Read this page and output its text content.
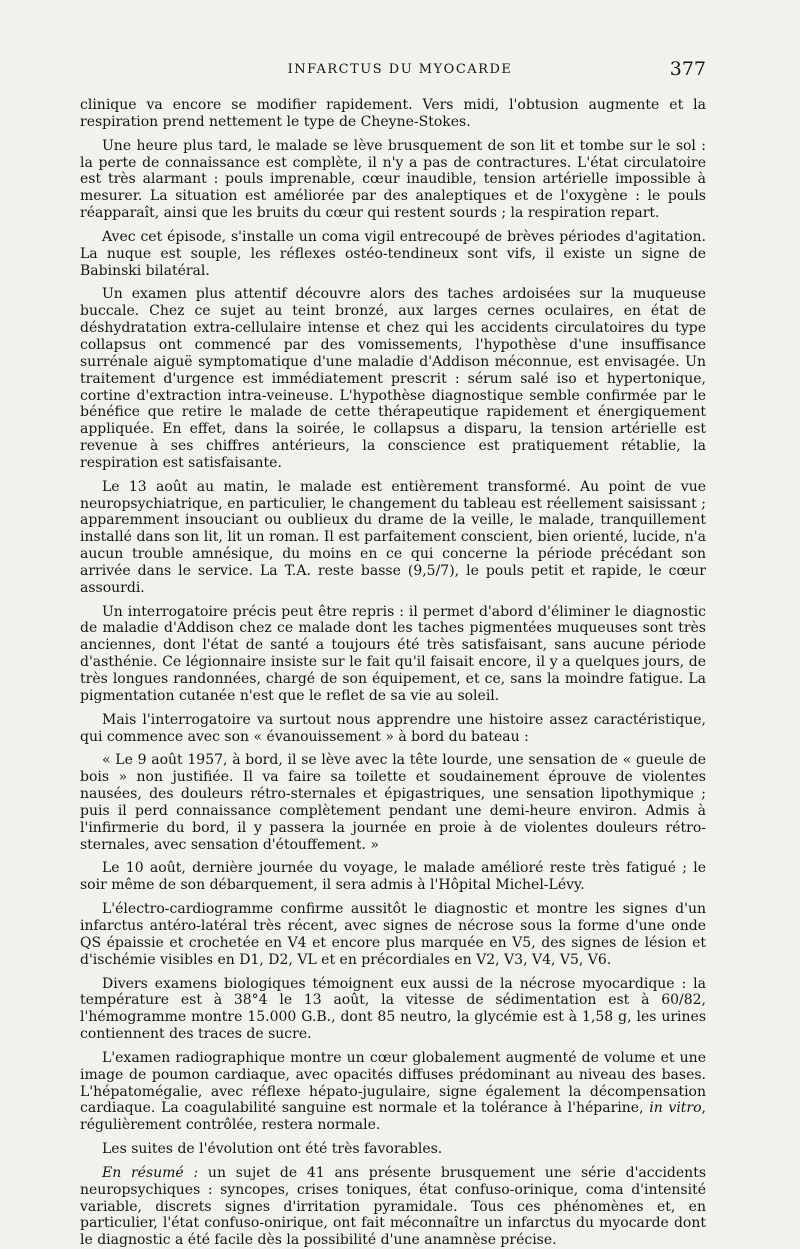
INFARCTUS DU MYOCARDE	377

clinique va encore se modifier rapidement. Vers midi, l'obtusion augmente et la respiration prend nettement le type de Cheyne-Stokes.

Une heure plus tard, le malade se lève brusquement de son lit et tombe sur le sol : la perte de connaissance est complète, il n'y a pas de contractures. L'état circulatoire est très alarmant : pouls imprenable, cœur inaudible, tension artérielle impossible à mesurer. La situation est améliorée par des analeptiques et de l'oxygène : le pouls réapparaît, ainsi que les bruits du cœur qui restent sourds ; la respiration repart.

Avec cet épisode, s'installe un coma vigil entrecoupé de brèves périodes d'agitation. La nuque est souple, les réflexes ostéo-tendineux sont vifs, il existe un signe de Babinski bilatéral.

Un examen plus attentif découvre alors des taches ardoisées sur la muqueuse buccale. Chez ce sujet au teint bronzé, aux larges cernes oculaires, en état de déshydratation extra-cellulaire intense et chez qui les accidents circulatoires du type collapsus ont commencé par des vomissements, l'hypothèse d'une insuffisance surrénale aiguë symptomatique d'une maladie d'Addison méconnue, est envisagée. Un traitement d'urgence est immédiatement prescrit : sérum salé iso et hypertonique, cortine d'extraction intra-veineuse. L'hypothèse diagnostique semble confirmée par le bénéfice que retire le malade de cette thérapeutique rapidement et énergiquement appliquée. En effet, dans la soirée, le collapsus a disparu, la tension artérielle est revenue à ses chiffres antérieurs, la conscience est pratiquement rétablie, la respiration est satisfaisante.

Le 13 août au matin, le malade est entièrement transformé. Au point de vue neuropsychiatrique, en particulier, le changement du tableau est réellement saisissant ; apparemment insouciant ou oublieux du drame de la veille, le malade, tranquillement installé dans son lit, lit un roman. Il est parfaitement conscient, bien orienté, lucide, n'a aucun trouble amnésique, du moins en ce qui concerne la période précédant son arrivée dans le service. La T.A. reste basse (9,5/7), le pouls petit et rapide, le cœur assourdi.

Un interrogatoire précis peut être repris : il permet d'abord d'éliminer le diagnostic de maladie d'Addison chez ce malade dont les taches pigmentées muqueuses sont très anciennes, dont l'état de santé a toujours été très satisfaisant, sans aucune période d'asthénie. Ce légionnaire insiste sur le fait qu'il faisait encore, il y a quelques jours, de très longues randonnées, chargé de son équipement, et ce, sans la moindre fatigue. La pigmentation cutanée n'est que le reflet de sa vie au soleil.

Mais l'interrogatoire va surtout nous apprendre une histoire assez caractéristique, qui commence avec son « évanouissement » à bord du bateau :

« Le 9 août 1957, à bord, il se lève avec la tête lourde, une sensation de « gueule de bois » non justifiée. Il va faire sa toilette et soudainement éprouve de violentes nausées, des douleurs rétro-sternales et épigastriques, une sensation lipothymique ; puis il perd connaissance complètement pendant une demi-heure environ. Admis à l'infirmerie du bord, il y passera la journée en proie à de violentes douleurs rétro-sternales, avec sensation d'étouffement. »

Le 10 août, dernière journée du voyage, le malade amélioré reste très fatigué ; le soir même de son débarquement, il sera admis à l'Hôpital Michel-Lévy.

L'électro-cardiogramme confirme aussitôt le diagnostic et montre les signes d'un infarctus antéro-latéral très récent, avec signes de nécrose sous la forme d'une onde QS épaissie et crochetée en V4 et encore plus marquée en V5, des signes de lésion et d'ischémie visibles en D1, D2, VL et en précordiales en V2, V3, V4, V5, V6.

Divers examens biologiques témoignent eux aussi de la nécrose myocardique : la température est à 38°4 le 13 août, la vitesse de sédimentation est à 60/82, l'hémogramme montre 15.000 G.B., dont 85 neutro, la glycémie est à 1,58 g, les urines contiennent des traces de sucre.

L'examen radiographique montre un cœur globalement augmenté de volume et une image de poumon cardiaque, avec opacités diffuses prédominant au niveau des bases. L'hépatomégalie, avec réflexe hépato-jugulaire, signe également la décompensation cardiaque. La coagulabilité sanguine est normale et la tolérance à l'héparine, in vitro, régulièrement contrôlée, restera normale.

Les suites de l'évolution ont été très favorables.

En résumé : un sujet de 41 ans présente brusquement une série d'accidents neuropsychiques : syncopes, crises toniques, état confuso-orinique, coma d'intensité variable, discrets signes d'irritation pyramidale. Tous ces phénomènes et, en particulier, l'état confuso-onirique, ont fait méconnaître un infarctus du myocarde dont le diagnostic a été facile dès la possibilité d'une anamnèse précise.
